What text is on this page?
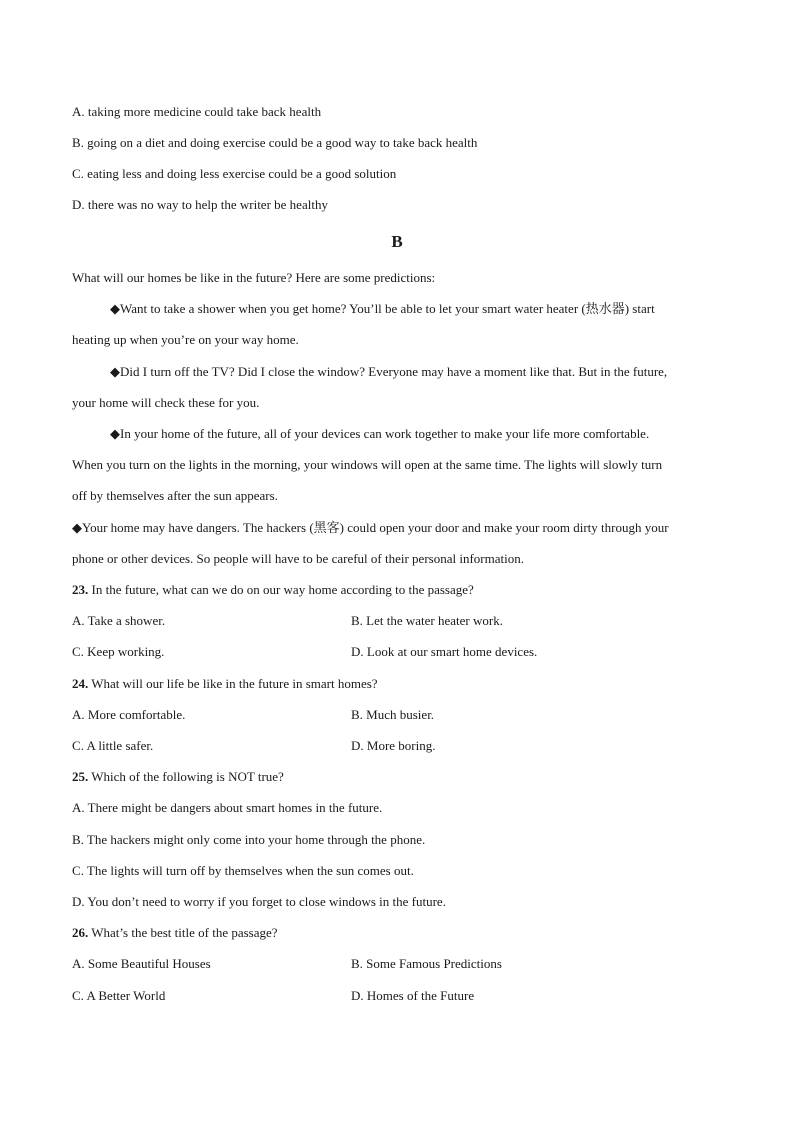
A. taking more medicine could take back health
B. going on a diet and doing exercise could be a good way to take back health
C. eating less and doing less exercise could be a good solution
D. there was no way to help the writer be healthy
B
What will our homes be like in the future? Here are some predictions:
◆Want to take a shower when you get home? You’ll be able to let your smart water heater (热水器) start
heating up when you’re on your way home.
◆Did I turn off the TV? Did I close the window? Everyone may have a moment like that. But in the future,
your home will check these for you.
◆In your home of the future, all of your devices can work together to make your life more comfortable.
When you turn on the lights in the morning, your windows will open at the same time. The lights will slowly turn
off by themselves after the sun appears.
◆Your home may have dangers. The hackers (黑客) could open your door and make your room dirty through your
phone or other devices. So people will have to be careful of their personal information.
23. In the future, what can we do on our way home according to the passage?
A. Take a shower.	B. Let the water heater work.
C. Keep working.	D. Look at our smart home devices.
24. What will our life be like in the future in smart homes?
A. More comfortable.	B. Much busier.
C. A little safer.	D. More boring.
25. Which of the following is NOT true?
A. There might be dangers about smart homes in the future.
B. The hackers might only come into your home through the phone.
C. The lights will turn off by themselves when the sun comes out.
D. You don’t need to worry if you forget to close windows in the future.
26. What’s the best title of the passage?
A. Some Beautiful Houses	B. Some Famous Predictions
C. A Better World	D. Homes of the Future
